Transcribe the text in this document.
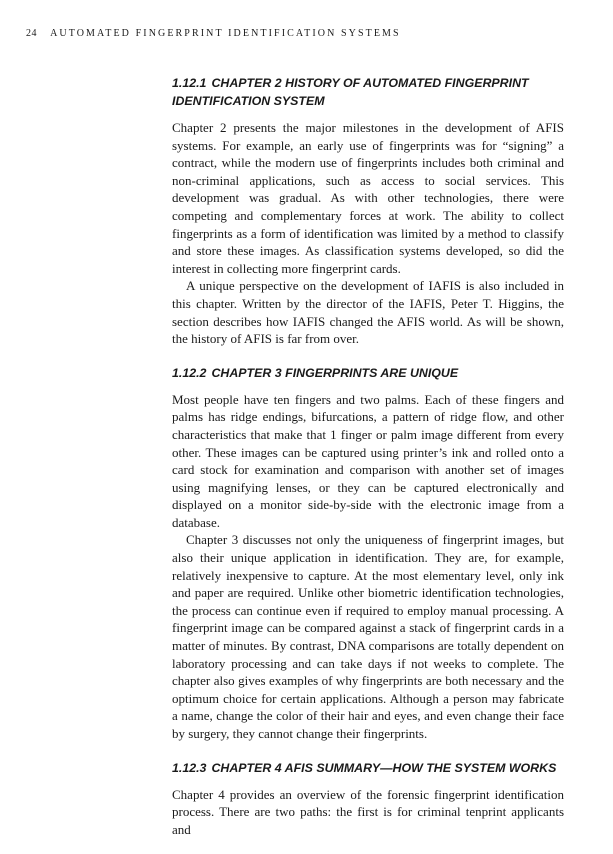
24 AUTOMATED FINGERPRINT IDENTIFICATION SYSTEMS
1.12.1 CHAPTER 2 HISTORY OF AUTOMATED FINGERPRINT IDENTIFICATION SYSTEM

Chapter 2 presents the major milestones in the development of AFIS systems. For example, an early use of fingerprints was for “signing” a contract, while the modern use of fingerprints includes both criminal and non-criminal applications, such as access to social services. This development was gradual. As with other technologies, there were competing and complementary forces at work. The ability to collect fingerprints as a form of identification was limited by a method to classify and store these images. As classification systems developed, so did the interest in collecting more fingerprint cards.

A unique perspective on the development of IAFIS is also included in this chapter. Written by the director of the IAFIS, Peter T. Higgins, the section describes how IAFIS changed the AFIS world. As will be shown, the history of AFIS is far from over.

1.12.2 CHAPTER 3 FINGERPRINTS ARE UNIQUE

Most people have ten fingers and two palms. Each of these fingers and palms has ridge endings, bifurcations, a pattern of ridge flow, and other characteristics that make that 1 finger or palm image different from every other. These images can be captured using printer’s ink and rolled onto a card stock for examination and comparison with another set of images using magnifying lenses, or they can be captured electronically and displayed on a monitor side-by-side with the electronic image from a database.

Chapter 3 discusses not only the uniqueness of fingerprint images, but also their unique application in identification. They are, for example, relatively inexpensive to capture. At the most elementary level, only ink and paper are required. Unlike other biometric identification technologies, the process can continue even if required to employ manual processing. A fingerprint image can be compared against a stack of fingerprint cards in a matter of minutes. By contrast, DNA comparisons are totally dependent on laboratory processing and can take days if not weeks to complete. The chapter also gives examples of why fingerprints are both necessary and the optimum choice for certain applications. Although a person may fabricate a name, change the color of their hair and eyes, and even change their face by surgery, they cannot change their fingerprints.

1.12.3 CHAPTER 4 AFIS SUMMARY—HOW THE SYSTEM WORKS

Chapter 4 provides an overview of the forensic fingerprint identification process. There are two paths: the first is for criminal tenprint applicants and
